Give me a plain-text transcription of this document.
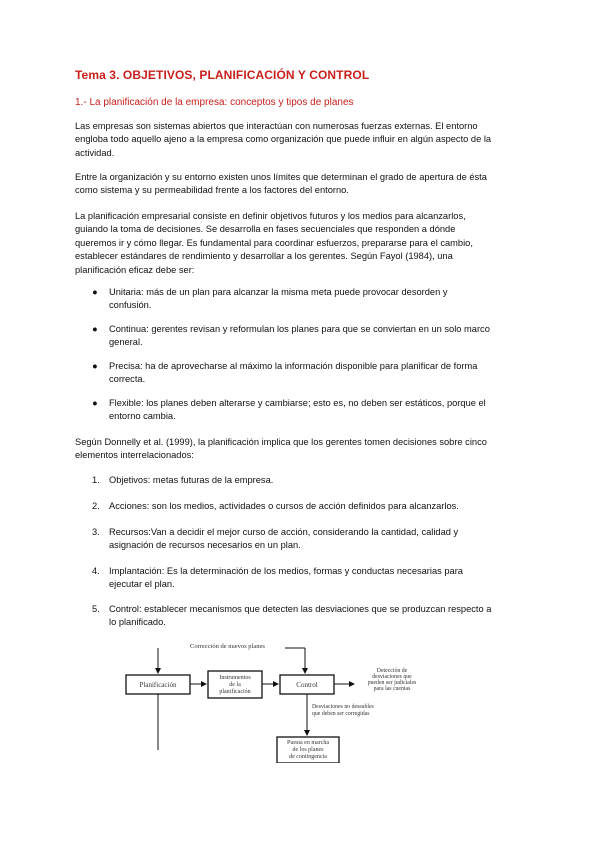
Tema 3. OBJETIVOS, PLANIFICACIÓN Y CONTROL
1.- La planificación de la empresa: conceptos y tipos de planes
Las empresas son sistemas abiertos que interactúan con numerosas fuerzas externas. El entorno
engloba todo aquello ajeno a la empresa como organización que puede influir en algún aspecto de la
actividad.
Entre la organización y su entorno existen unos límites que determinan el grado de apertura de ésta
como sistema y su permeabilidad frente a los factores del entorno.
La planificación empresarial consiste en definir objetivos futuros y los medios para alcanzarlos,
guiando la toma de decisiones. Se desarrolla en fases secuenciales que responden a dónde
queremos ir y cómo llegar. Es fundamental para coordinar esfuerzos, prepararse para el cambio,
establecer estándares de rendimiento y desarrollar a los gerentes. Según Fayol (1984), una
planificación eficaz debe ser:
● Unitaria: más de un plan para alcanzar la misma meta puede provocar desorden y
confusión.
● Continua: gerentes revisan y reformulan los planes para que se conviertan en un solo marco
general.
● Precisa: ha de aprovecharse al máximo la información disponible para planificar de forma
correcta.
● Flexible: los planes deben alterarse y cambiarse; esto es, no deben ser estáticos, porque el
entorno cambia.
Según Donnelly et al. (1999), la planificación implica que los gerentes tomen decisiones sobre cinco
elementos interrelacionados:
1. Objetivos: metas futuras de la empresa.
2. Acciones: son los medios, actividades o cursos de acción definidos para alcanzarlos.
3. Recursos:Van a decidir el mejor curso de acción, considerando la cantidad, calidad y
asignación de recursos necesarios en un plan.
4. Implantación: Es la determinación de los medios, formas y conductas necesarias para
ejecutar el plan.
5. Control: establecer mecanismos que detecten las desviaciones que se produzcan respecto a
lo planificado.
Corrección de nuevos planes
Planificación
Instrumentos
de la
planificación
Control
Detección de
desviaciones que
pueden ser judiciales
para las cuentas
Desviaciones no deseables
que deben ser corregidas
Puesta en marcha
de los planes
de contingencia
